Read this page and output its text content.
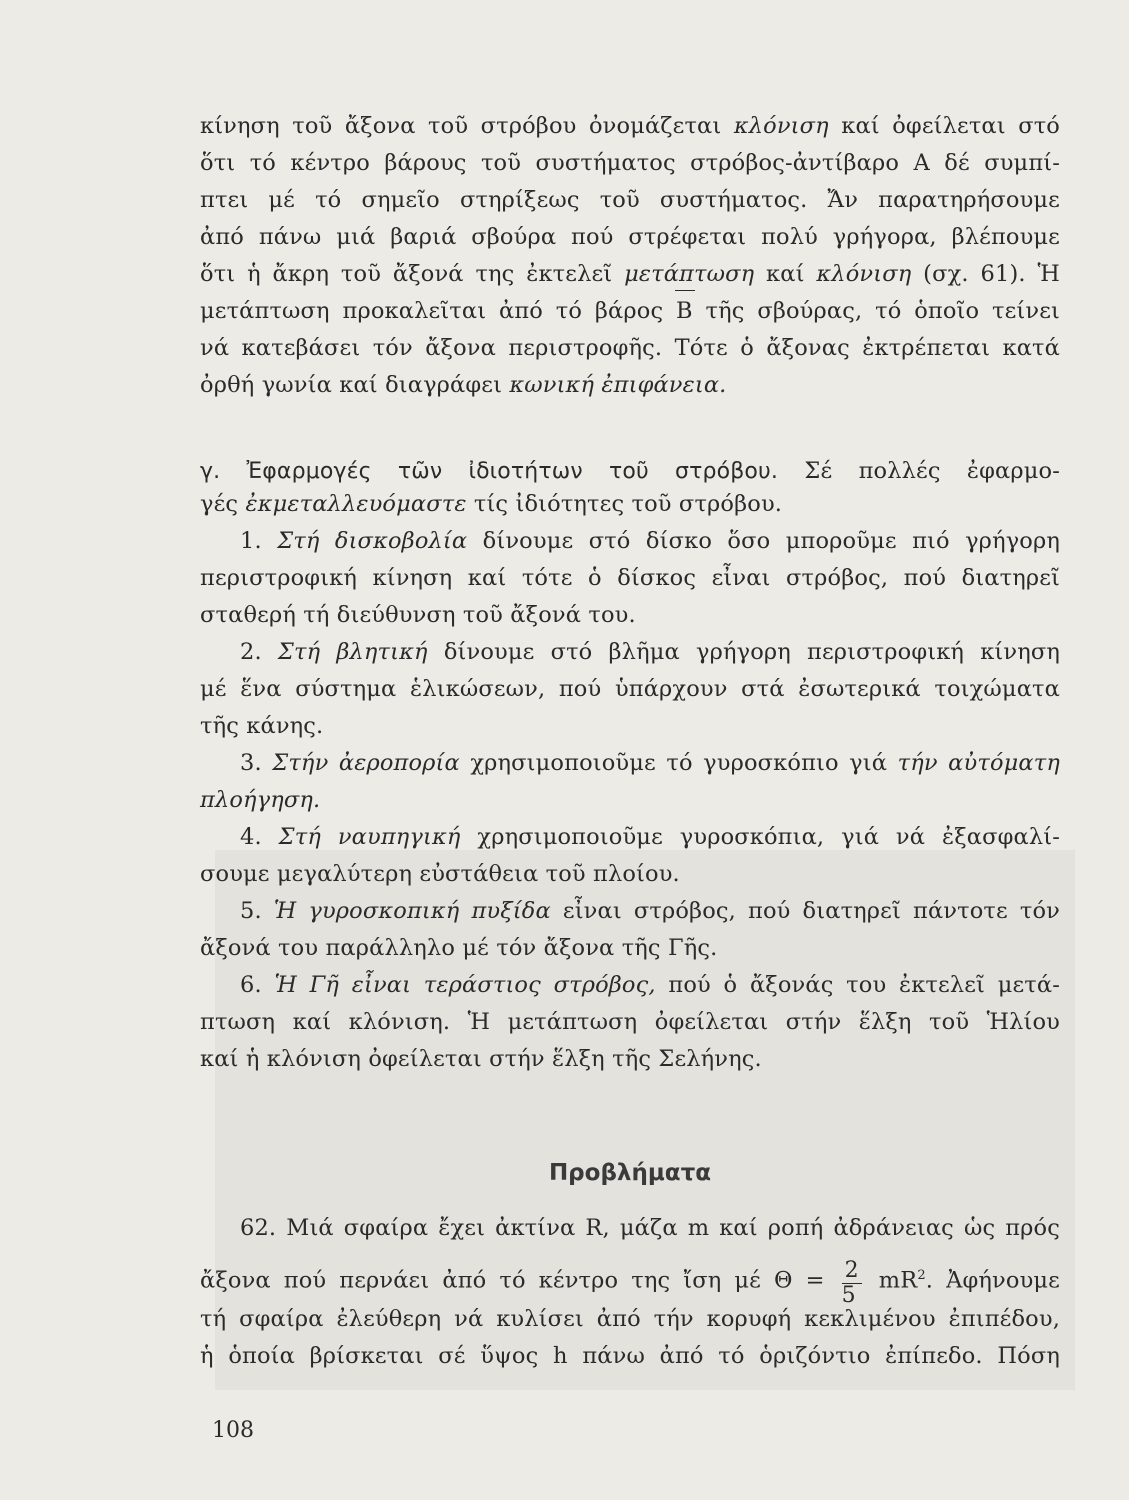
κίνηση τοῦ ἄξονα τοῦ στρόβου ὀνομάζεται κλόνιση καί ὀφείλεται στό
ὅτι τό κέντρο βάρους τοῦ συστήματος στρόβος-ἀντίβαρο Α δέ συμπί-
πτει μέ τό σημεῖο στηρίξεως τοῦ συστήματος. Ἄν παρατηρήσουμε
ἀπό πάνω μιά βαριά σβούρα πού στρέφεται πολύ γρήγορα, βλέπουμε
ὅτι ἡ ἄκρη τοῦ ἄξονά της ἐκτελεῖ μετάπτωση καί κλόνιση (σχ. 61). Ἡ
μετάπτωση προκαλεῖται ἀπό τό βάρος Β τῆς σβούρας, τό ὁποῖο τείνει
νά κατεβάσει τόν ἄξονα περιστροφῆς. Τότε ὁ ἄξονας ἐκτρέπεται κατά
ὀρθή γωνία καί διαγράφει κωνική ἐπιφάνεια.
γ. Ἐφαρμογές τῶν ἰδιοτήτων τοῦ στρόβου. Σέ πολλές ἐφαρμο-
γές ἐκμεταλλευόμαστε τίς ἰδιότητες τοῦ στρόβου.
1. Στή δισκοβολία δίνουμε στό δίσκο ὅσο μποροῦμε πιό γρήγορη
περιστροφική κίνηση καί τότε ὁ δίσκος εἶναι στρόβος, πού διατηρεῖ
σταθερή τή διεύθυνση τοῦ ἄξονά του.
2. Στή βλητική δίνουμε στό βλῆμα γρήγορη περιστροφική κίνηση
μέ ἕνα σύστημα ἑλικώσεων, πού ὑπάρχουν στά ἐσωτερικά τοιχώματα
τῆς κάνης.
3. Στήν ἀεροπορία χρησιμοποιοῦμε τό γυροσκόπιο γιά τήν αὐτόματη
πλοήγηση.
4. Στή ναυπηγική χρησιμοποιοῦμε γυροσκόπια, γιά νά ἐξασφαλί-
σουμε μεγαλύτερη εὐστάθεια τοῦ πλοίου.
5. Ἡ γυροσκοπική πυξίδα εἶναι στρόβος, πού διατηρεῖ πάντοτε τόν
ἄξονά του παράλληλο μέ τόν ἄξονα τῆς Γῆς.
6. Ἡ Γῆ εἶναι τεράστιος στρόβος, πού ὁ ἄξονάς του ἐκτελεῖ μετά-
πτωση καί κλόνιση. Ἡ μετάπτωση ὀφείλεται στήν ἕλξη τοῦ Ἡλίου
καί ἡ κλόνιση ὀφείλεται στήν ἕλξη τῆς Σελήνης.
Προβλήματα
62. Μιά σφαίρα ἔχει ἀκτίνα R, μάζα m καί ροπή ἀδράνειας ὡς πρός
ἄξονα πού περνάει ἀπό τό κέντρο της ἴση μέ $\Theta = \frac{2}{5} mR^2$. Ἀφήνουμε
τή σφαίρα ἐλεύθερη νά κυλίσει ἀπό τήν κορυφή κεκλιμένου ἐπιπέδου,
ἡ ὁποία βρίσκεται σέ ὕψος h πάνω ἀπό τό ὁριζόντιο ἐπίπεδο. Πόση
108
